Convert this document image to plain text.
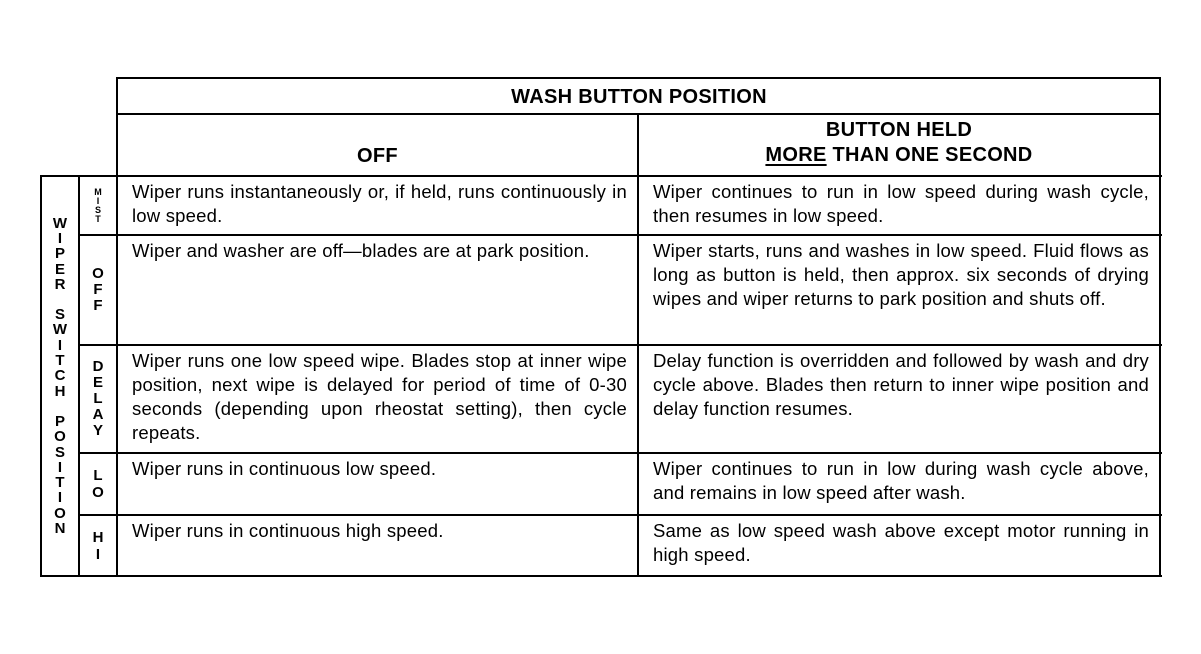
WASH BUTTON POSITION
OFF
BUTTON HELD
MORE THAN ONE SECOND
W
I
P
E
R
S
W
I
T
C
H
P
O
S
I
T
I
O
N
M
I
S
T
O
F
F
D
E
L
A
Y
L
O
H
I
Wiper runs instantaneously or, if held, runs continuously in low speed.
Wiper and washer are off—blades are at park position.
Wiper runs one low speed wipe. Blades stop at inner wipe position, next wipe is delayed for period of time of 0-30 seconds (depending upon rheostat setting), then cycle repeats.
Wiper runs in continuous low speed.
Wiper runs in continuous high speed.
Wiper continues to run in low speed during wash cycle, then resumes in low speed.
Wiper starts, runs and washes in low speed. Fluid flows as long as button is held, then approx. six seconds of drying wipes and wiper returns to park position and shuts off.
Delay function is overridden and followed by wash and dry cycle above. Blades then return to inner wipe position and delay function resumes.
Wiper continues to run in low during wash cycle above, and remains in low speed after wash.
Same as low speed wash above except motor running in high speed.
